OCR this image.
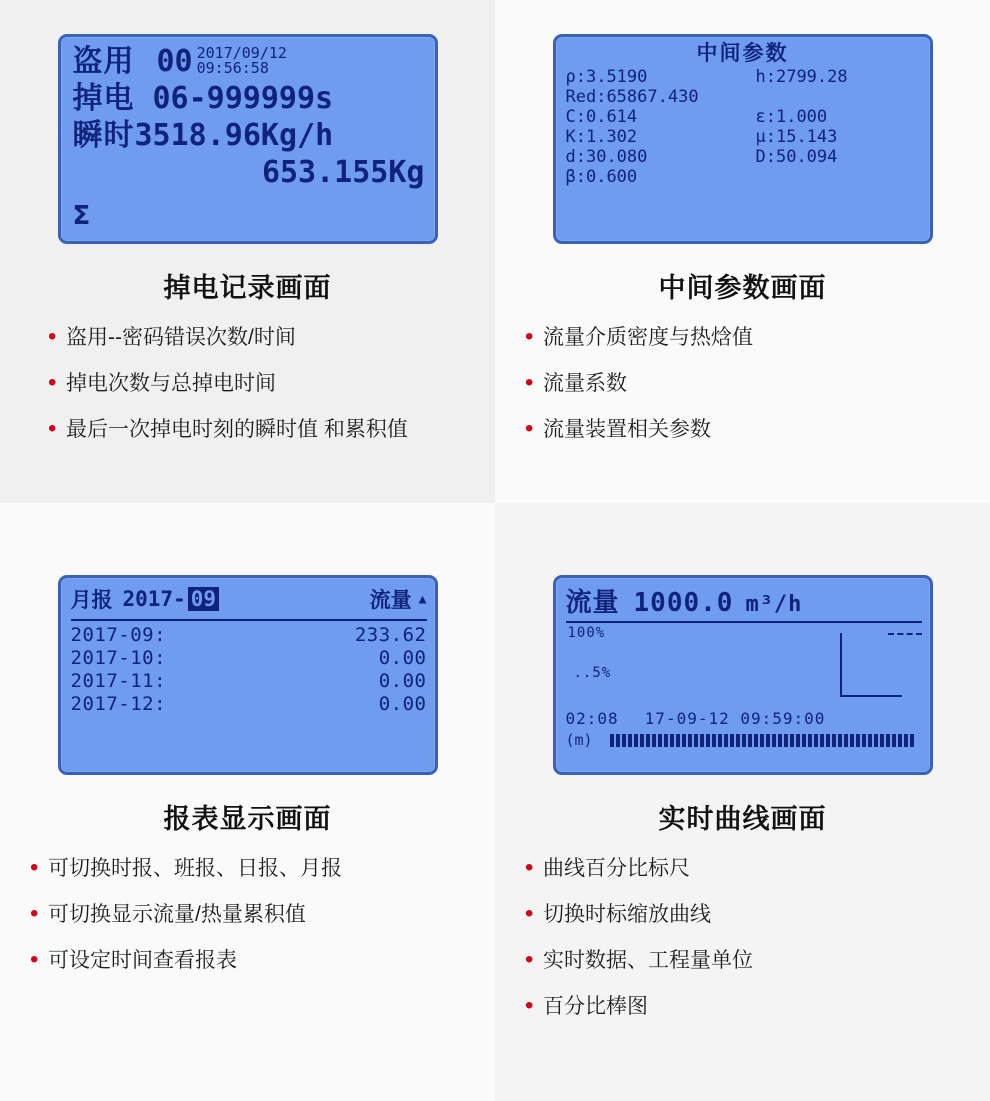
盗用 00 2017/09/12
09:56:58
掉电 06-999999s
瞬时 3518.96Kg/h
653.155Kg
Σ
掉电记录画面
• 盗用--密码错误次数/时间
• 掉电次数与总掉电时间
• 最后一次掉电时刻的瞬时值 和累积值
中间参数
ρ:3.5190	h:2799.28
Red:65867.430
C:0.614	ε:1.000
K:1.302	μ:15.143
d:30.080	D:50.094
β:0.600
中间参数画面
• 流量介质密度与热焓值
• 流量系数
• 流量装置相关参数
月报 2017- 09	流量 ▲
2017-09:	233.62
2017-10:	0.00
2017-11:	0.00
2017-12:	0.00
报表显示画面
• 可切换时报、班报、日报、月报
• 可切换显示流量/热量累积值
• 可设定时间查看报表
流量 1000.0 m³/h
100%
..5%
02:08 17-09-12 09:59:00
(m)
实时曲线画面
• 曲线百分比标尺
• 切换时标缩放曲线
• 实时数据、工程量单位
• 百分比棒图
